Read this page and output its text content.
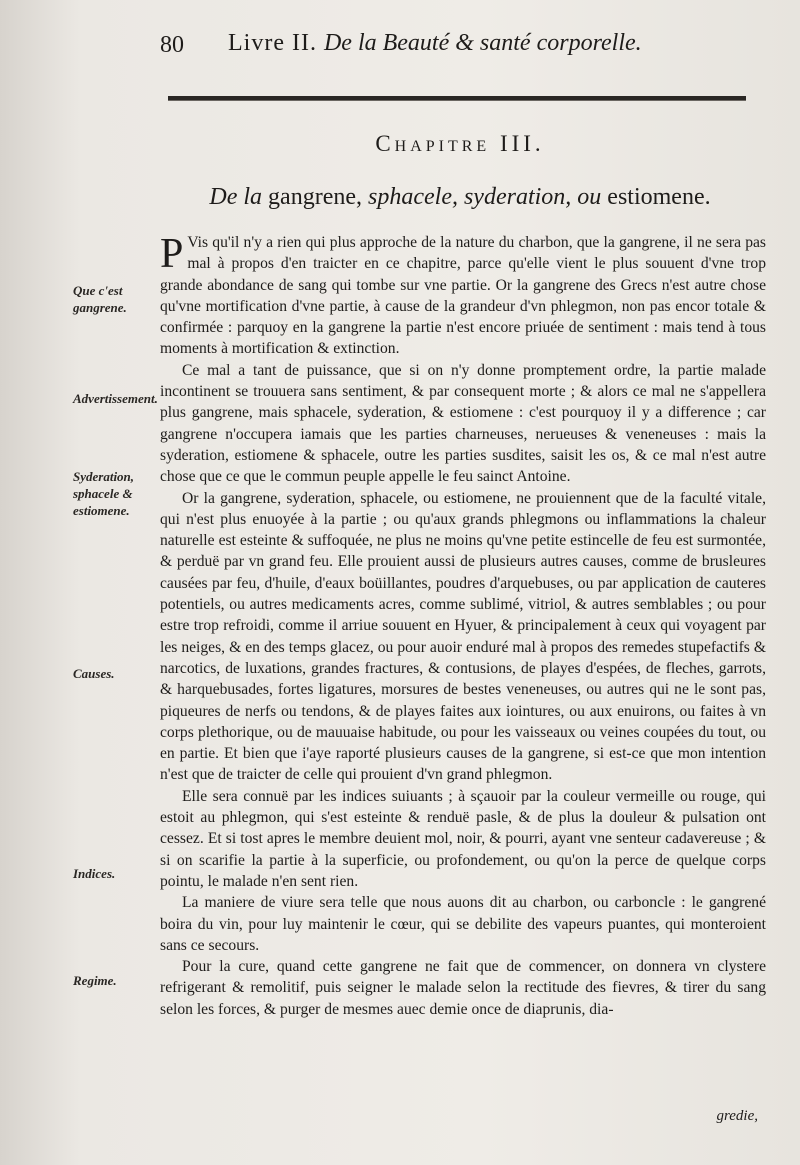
80 Livre II. De la Beauté & santé corporelle.
Chapitre III.
De la gangrene, sphacele, syderation, ou estiomene.
Que c'est gangrene.
Advertissement.
Syderation, sphacele & estiomene.
Causes.
Indices.
Regime.

P Vis qu'il n'y a rien qui plus approche de la nature du charbon, que la gangrene, il ne sera pas mal à propos d'en traicter en ce chapitre, parce qu'elle vient le plus souuent d'vne trop grande abondance de sang qui tombe sur vne partie. Or la gangrene des Grecs n'est autre chose qu'vne mortification d'vne partie, à cause de la grandeur d'vn phlegmon, non pas encor totale & confirmée : parquoy en la gangrene la partie n'est encore priuée de sentiment : mais tend à tous moments à mortification & extinction.

Ce mal a tant de puissance, que si on n'y donne promptement ordre, la partie malade incontinent se trouuera sans sentiment, & par consequent morte ; & alors ce mal ne s'appellera plus gangrene, mais sphacele, syderation, & estiomene : c'est pourquoy il y a difference ; car gangrene n'occupera iamais que les parties charneuses, nerueuses & veneneuses : mais la syderation, estiomene & sphacele, outre les parties susdites, saisit les os, & ce mal n'est autre chose que ce que le commun peuple appelle le feu sainct Antoine.

Or la gangrene, syderation, sphacele, ou estiomene, ne prouiennent que de la faculté vitale, qui n'est plus enuoyée à la partie ; ou qu'aux grands phlegmons ou inflammations la chaleur naturelle est esteinte & suffoquée, ne plus ne moins qu'vne petite estincelle de feu est surmontée, & perduë par vn grand feu. Elle prouient aussi de plusieurs autres causes, comme de brusleures causées par feu, d'huile, d'eaux boüillantes, poudres d'arquebuses, ou par application de cauteres potentiels, ou autres medicaments acres, comme sublimé, vitriol, & autres semblables ; ou pour estre trop refroidi, comme il arriue souuent en Hyuer, & principalement à ceux qui voyagent par les neiges, & en des temps glacez, ou pour auoir enduré mal à propos des remedes stupefactifs & narcotics, de luxations, grandes fractures, & contusions, de playes d'espées, de fleches, garrots, & harquebusades, fortes ligatures, morsures de bestes veneneuses, ou autres qui ne le sont pas, piqueures de nerfs ou tendons, & de playes faites aux iointures, ou aux enuirons, ou faites à vn corps plethorique, ou de mauuaise habitude, ou pour les vaisseaux ou veines coupées du tout, ou en partie. Et bien que i'aye raporté plusieurs causes de la gangrene, si est-ce que mon intention n'est que de traicter de celle qui prouient d'vn grand phlegmon.

Elle sera connuë par les indices suiuants ; à sçauoir par la couleur vermeille ou rouge, qui estoit au phlegmon, qui s'est esteinte & renduë pasle, & de plus la douleur & pulsation ont cessez. Et si tost apres le membre deuient mol, noir, & pourri, ayant vne senteur cadavereuse ; & si on scarifie la partie à la superficie, ou profondement, ou qu'on la perce de quelque corps pointu, le malade n'en sent rien.

La maniere de viure sera telle que nous auons dit au charbon, ou carboncle : le gangrené boira du vin, pour luy maintenir le cœur, qui se debilite des vapeurs puantes, qui monteroient sans ce secours.

Pour la cure, quand cette gangrene ne fait que de commencer, on donnera vn clystere refrigerant & remolitif, puis seigner le malade selon la rectitude des fievres, & tirer du sang selon les forces, & purger de mesmes auec demie once de diaprunis, dia-

gredie,
